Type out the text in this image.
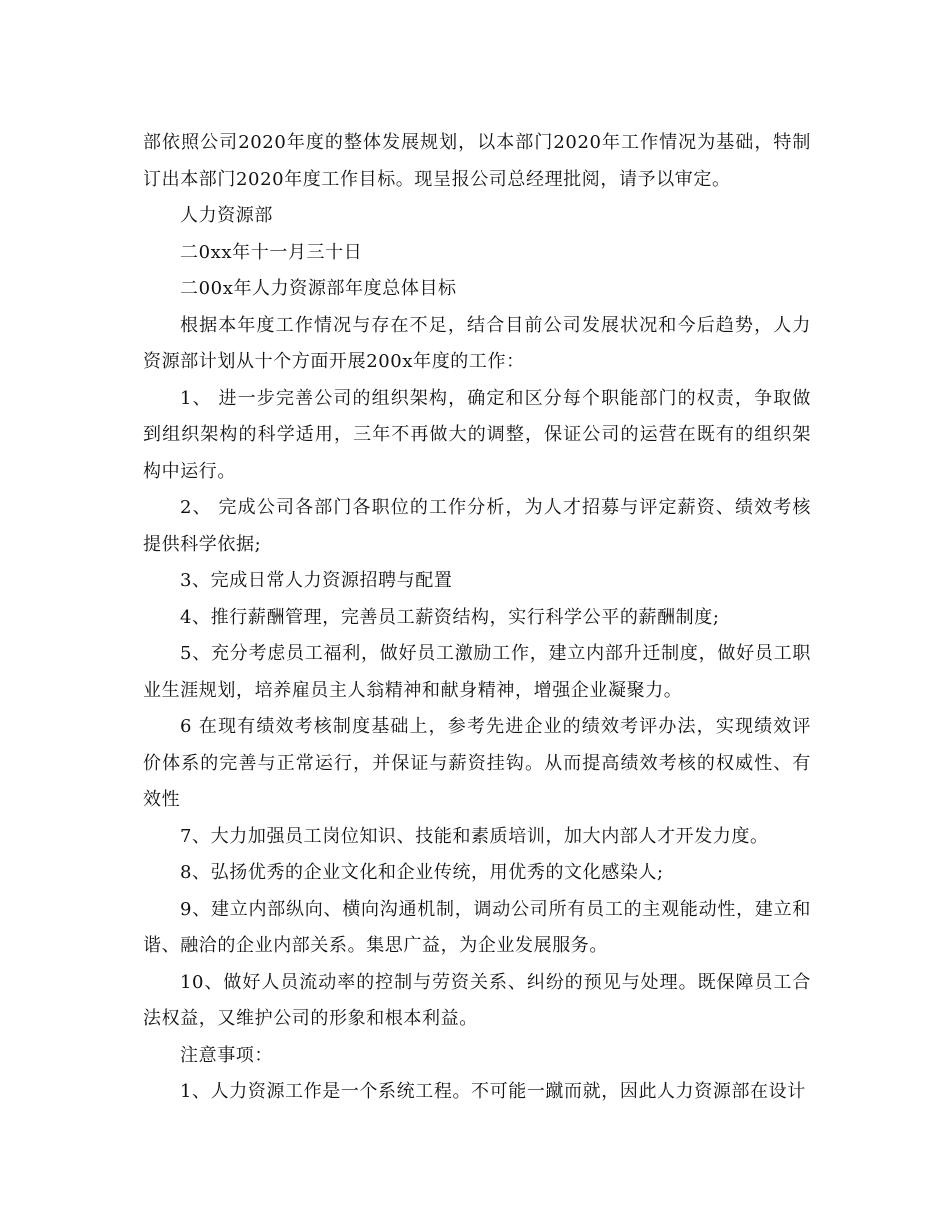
部依照公司2020年度的整体发展规划，以本部门2020年工作情况为基础，特制订出本部门2020年度工作目标。现呈报公司总经理批阅，请予以审定。

人力资源部

二0xx年十一月三十日

二00x年人力资源部年度总体目标

根据本年度工作情况与存在不足，结合目前公司发展状况和今后趋势，人力资源部计划从十个方面开展200x年度的工作：

1、 进一步完善公司的组织架构，确定和区分每个职能部门的权责，争取做到组织架构的科学适用，三年不再做大的调整，保证公司的运营在既有的组织架构中运行。

2、 完成公司各部门各职位的工作分析，为人才招募与评定薪资、绩效考核提供科学依据;

3、完成日常人力资源招聘与配置

4、推行薪酬管理，完善员工薪资结构，实行科学公平的薪酬制度;

5、充分考虑员工福利，做好员工激励工作，建立内部升迁制度，做好员工职业生涯规划，培养雇员主人翁精神和献身精神，增强企业凝聚力。

6 在现有绩效考核制度基础上，参考先进企业的绩效考评办法，实现绩效评价体系的完善与正常运行，并保证与薪资挂钩。从而提高绩效考核的权威性、有效性

7、大力加强员工岗位知识、技能和素质培训，加大内部人才开发力度。

8、弘扬优秀的企业文化和企业传统，用优秀的文化感染人;

9、建立内部纵向、横向沟通机制，调动公司所有员工的主观能动性，建立和谐、融洽的企业内部关系。集思广益，为企业发展服务。

10、做好人员流动率的控制与劳资关系、纠纷的预见与处理。既保障员工合法权益，又维护公司的形象和根本利益。

注意事项：

1、人力资源工作是一个系统工程。不可能一蹴而就，因此人力资源部在设计
